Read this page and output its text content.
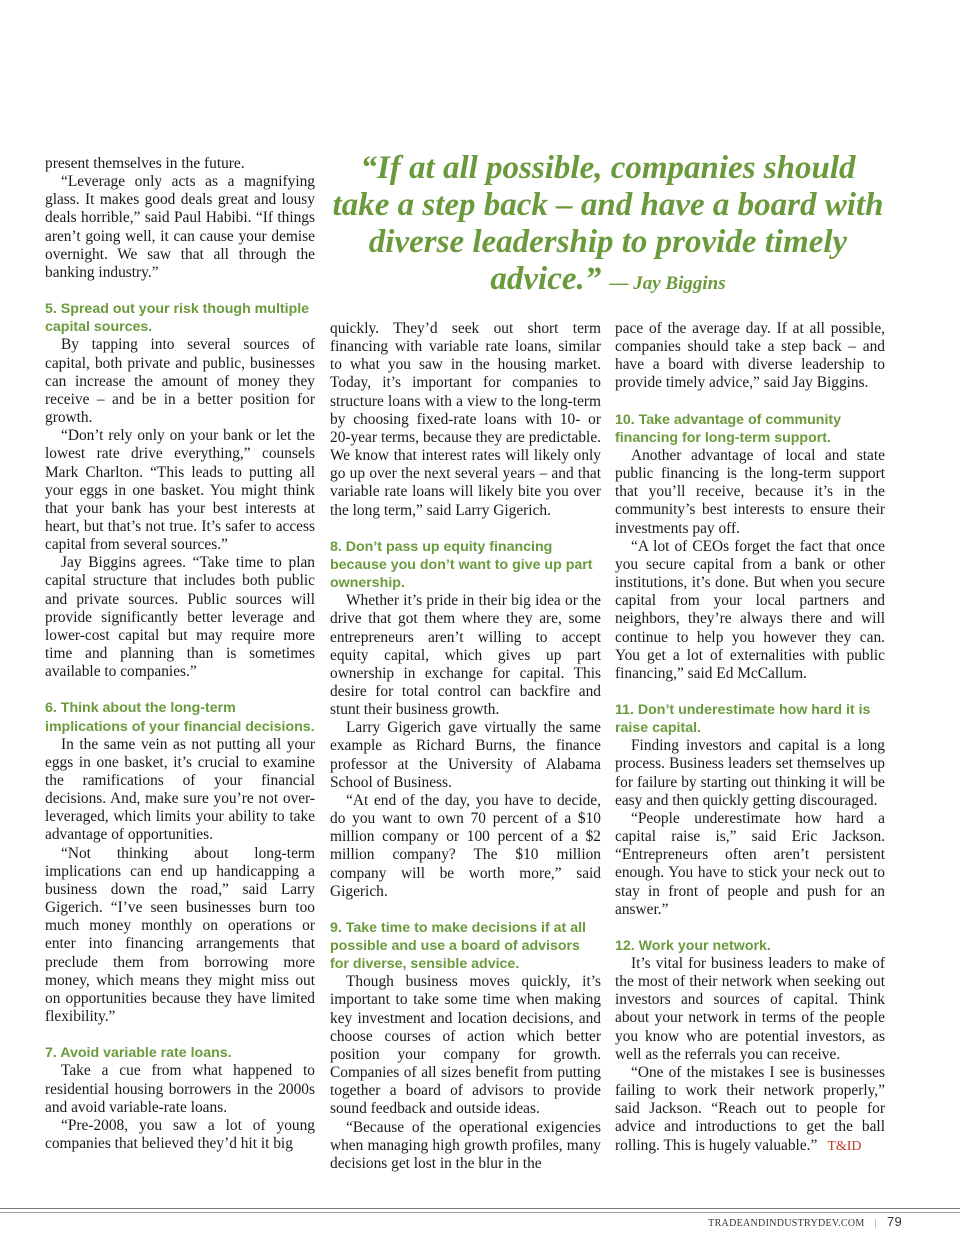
“If at all possible, companies should take a step back – and have a board with diverse leadership to provide timely advice.” — Jay Biggins

present themselves in the future.

“Leverage only acts as a magnifying glass. It makes good deals great and lousy deals horrible,” said Paul Habibi. “If things aren’t going well, it can cause your demise overnight. We saw that all through the banking industry.”

5. Spread out your risk though multiple capital sources.

By tapping into several sources of capital, both private and public, businesses can increase the amount of money they receive – and be in a better position for growth.

“Don’t rely only on your bank or let the lowest rate drive everything,” counsels Mark Charlton. “This leads to putting all your eggs in one basket. You might think that your bank has your best interests at heart, but that’s not true. It’s safer to access capital from several sources.”

Jay Biggins agrees. “Take time to plan capital structure that includes both public and private sources. Public sources will provide significantly better leverage and lower-cost capital but may require more time and planning than is sometimes available to companies.”

6. Think about the long-term implications of your financial decisions.

In the same vein as not putting all your eggs in one basket, it’s crucial to examine the ramifications of your financial decisions. And, make sure you’re not over-leveraged, which limits your ability to take advantage of opportunities.

“Not thinking about long-term implications can end up handicapping a business down the road,” said Larry Gigerich. “I’ve seen businesses burn too much money monthly on operations or enter into financing arrangements that preclude them from borrowing more money, which means they might miss out on opportunities because they have limited flexibility.”

7. Avoid variable rate loans.

Take a cue from what happened to residential housing borrowers in the 2000s and avoid variable-rate loans.

“Pre-2008, you saw a lot of young companies that believed they’d hit it big

quickly. They’d seek out short term financing with variable rate loans, similar to what you saw in the housing market. Today, it’s important for companies to structure loans with a view to the long-term by choosing fixed-rate loans with 10- or 20-year terms, because they are predictable. We know that interest rates will likely only go up over the next several years – and that variable rate loans will likely bite you over the long term,” said Larry Gigerich.

8. Don’t pass up equity financing because you don’t want to give up part ownership.

Whether it’s pride in their big idea or the drive that got them where they are, some entrepreneurs aren’t willing to accept equity capital, which gives up part ownership in exchange for capital. This desire for total control can backfire and stunt their business growth.

Larry Gigerich gave virtually the same example as Richard Burns, the finance professor at the University of Alabama School of Business.

“At end of the day, you have to decide, do you want to own 70 percent of a $10 million company or 100 percent of a $2 million company? The $10 million company will be worth more,” said Gigerich.

9. Take time to make decisions if at all possible and use a board of advisors for diverse, sensible advice.

Though business moves quickly, it’s important to take some time when making key investment and location decisions, and choose courses of action which better position your company for growth. Companies of all sizes benefit from putting together a board of advisors to provide sound feedback and outside ideas.

“Because of the operational exigencies when managing high growth profiles, many decisions get lost in the blur in the

pace of the average day. If at all possible, companies should take a step back – and have a board with diverse leadership to provide timely advice,” said Jay Biggins.

10. Take advantage of community financing for long-term support.

Another advantage of local and state public financing is the long-term support that you’ll receive, because it’s in the community’s best interests to ensure their investments pay off.

“A lot of CEOs forget the fact that once you secure capital from a bank or other institutions, it’s done. But when you secure capital from your local partners and neighbors, they’re always there and will continue to help you however they can. You get a lot of externalities with public financing,” said Ed McCallum.

11. Don’t underestimate how hard it is raise capital.

Finding investors and capital is a long process. Business leaders set themselves up for failure by starting out thinking it will be easy and then quickly getting discouraged.

“People underestimate how hard a capital raise is,” said Eric Jackson. “Entrepreneurs often aren’t persistent enough. You have to stick your neck out to stay in front of people and push for an answer.”

12. Work your network.

It’s vital for business leaders to make of the most of their network when seeking out investors and sources of capital. Think about your network in terms of the people you know who are potential investors, as well as the referrals you can receive.

“One of the mistakes I see is businesses failing to work their network properly,” said Jackson. “Reach out to people for advice and introductions to get the ball rolling. This is hugely valuable.” T&ID

TRADEANDINDUSTRYDEV.COM | 79
